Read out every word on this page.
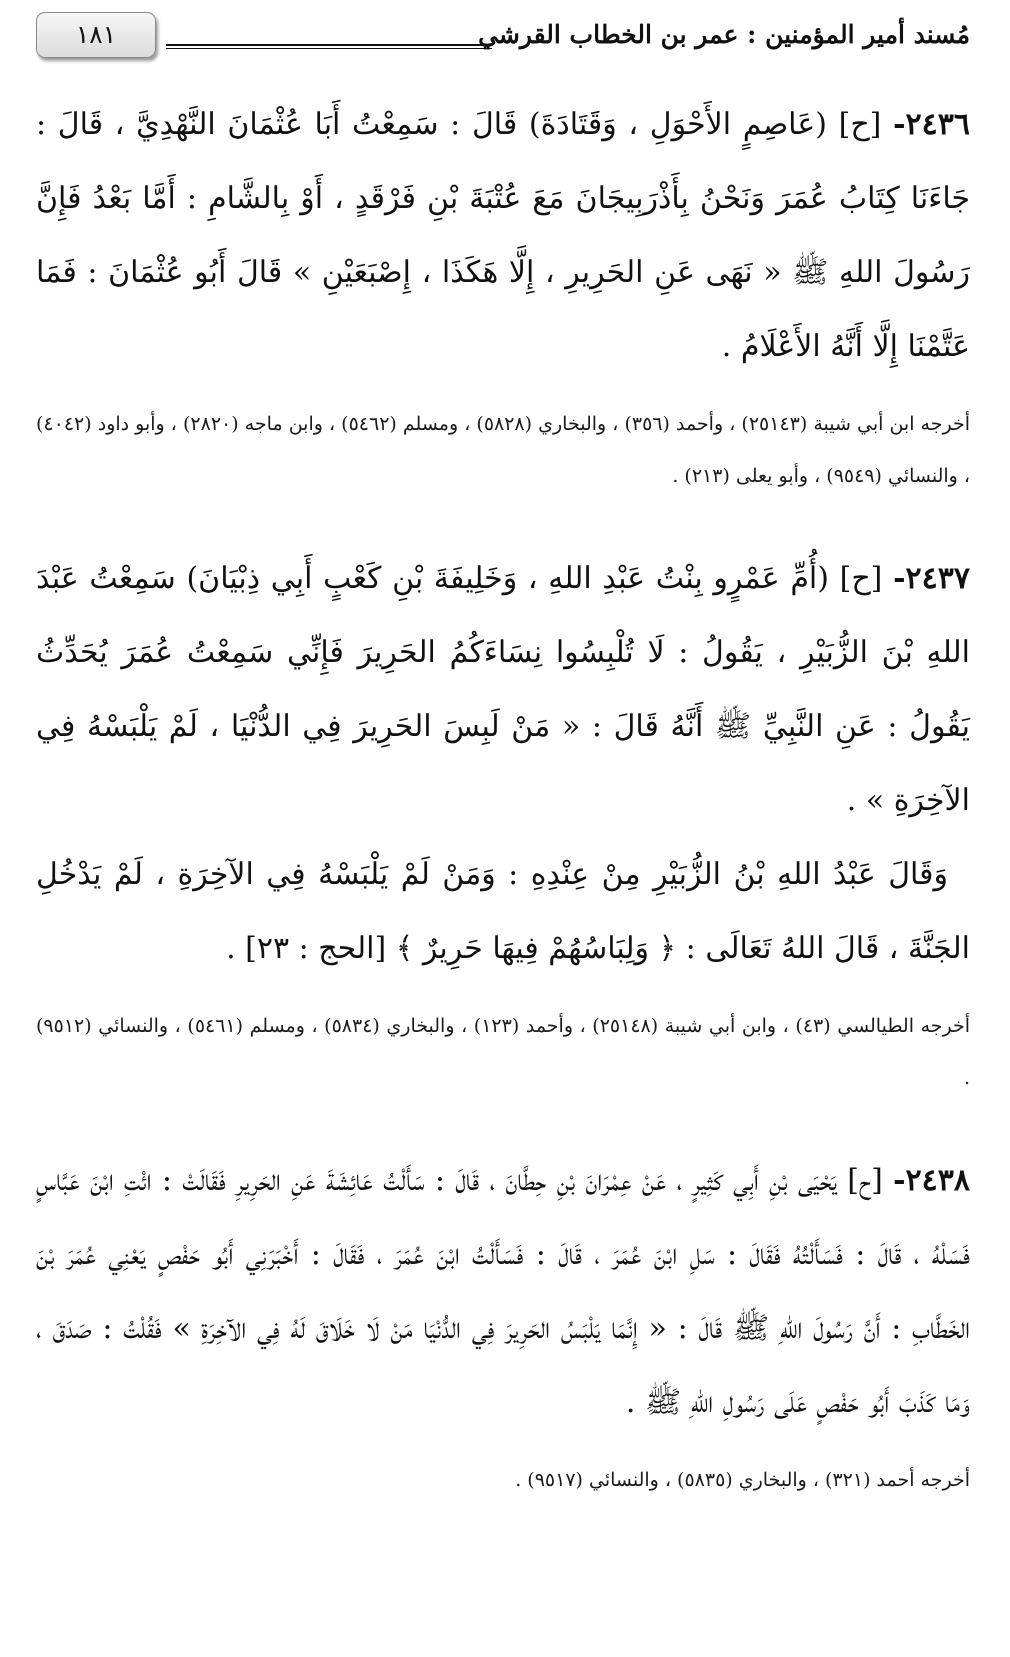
مُسند أمير المؤمنين : عمر بن الخطاب القرشي
١٨١

٢٤٣٦- [ح] (عَاصِمٍ الأَحْوَلِ ، وَقَتَادَةَ) قَالَ : سَمِعْتُ أَبَا عُثْمَانَ النَّهْدِيَّ ، قَالَ : جَاءَنَا كِتَابُ عُمَرَ وَنَحْنُ بِأَذْرَبِيجَانَ مَعَ عُتْبَةَ بْنِ فَرْقَدٍ ، أَوْ بِالشَّامِ : أَمَّا بَعْدُ فَإِنَّ رَسُولَ اللهِ ﷺ « نَهَى عَنِ الحَرِيرِ ، إِلَّا هَكَذَا ، إِصْبَعَيْنِ » قَالَ أَبُو عُثْمَانَ : فَمَا عَتَّمْنَا إِلَّا أَنَّهُ الأَعْلَامُ .

أخرجه ابن أبي شيبة (٢٥١٤٣) ، وأحمد (٣٥٦) ، والبخاري (٥٨٢٨) ، ومسلم (٥٤٦٢) ، وابن ماجه (٢٨٢٠) ، وأبو داود (٤٠٤٢) ، والنسائي (٩٥٤٩) ، وأبو يعلى (٢١٣) .

٢٤٣٧- [ح] (أُمِّ عَمْرٍو بِنْتُ عَبْدِ اللهِ ، وَخَلِيفَةَ بْنِ كَعْبٍ أَبِي ذِبْيَانَ) سَمِعْتُ عَبْدَ اللهِ بْنَ الزُّبَيْرِ ، يَقُولُ : لَا تُلْبِسُوا نِسَاءَكُمُ الحَرِيرَ فَإِنِّي سَمِعْتُ عُمَرَ يُحَدِّثُ يَقُولُ : عَنِ النَّبِيِّ ﷺ أَنَّهُ قَالَ : « مَنْ لَبِسَ الحَرِيرَ فِي الدُّنْيَا ، لَمْ يَلْبَسْهُ فِي الآخِرَةِ » .

وَقَالَ عَبْدُ اللهِ بْنُ الزُّبَيْرِ مِنْ عِنْدِهِ : وَمَنْ لَمْ يَلْبَسْهُ فِي الآخِرَةِ ، لَمْ يَدْخُلِ الجَنَّةَ ، قَالَ اللهُ تَعَالَى : ﴿ وَلِبَاسُهُمْ فِيهَا حَرِيرٌ ﴾ [الحج : ٢٣] .

أخرجه الطيالسي (٤٣) ، وابن أبي شيبة (٢٥١٤٨) ، وأحمد (١٢٣) ، والبخاري (٥٨٣٤) ، ومسلم (٥٤٦١) ، والنسائي (٩٥١٢) .

٢٤٣٨- [ح] يَحْيَى بْنِ أَبِي كَثِيرٍ ، عَنْ عِمْرَانَ بْنِ حِطَّانَ ، قَالَ : سَأَلْتُ عَائِشَةَ عَنِ الحَرِيرِ فَقَالَتْ : ائْتِ ابْنَ عَبَّاسٍ فَسَلْهُ ، قَالَ : فَسَأَلْتُهُ فَقَالَ : سَلِ ابْنَ عُمَرَ ، قَالَ : فَسَأَلْتُ ابْنَ عُمَرَ ، فَقَالَ : أَخْبَرَنِي أَبُو حَفْصٍ يَعْنِي عُمَرَ بْنَ الخَطَّابِ : أَنَّ رَسُولَ اللهِ ﷺ قَالَ : « إِنَّمَا يَلْبَسُ الحَرِيرَ فِي الدُّنْيَا مَنْ لَا خَلَاقَ لَهُ فِي الآخِرَةِ » فَقُلْتُ : صَدَقَ ، وَمَا كَذَبَ أَبُو حَفْصٍ عَلَى رَسُولِ اللهِ ﷺ .

أخرجه أحمد (٣٢١) ، والبخاري (٥٨٣٥) ، والنسائي (٩٥١٧) .
